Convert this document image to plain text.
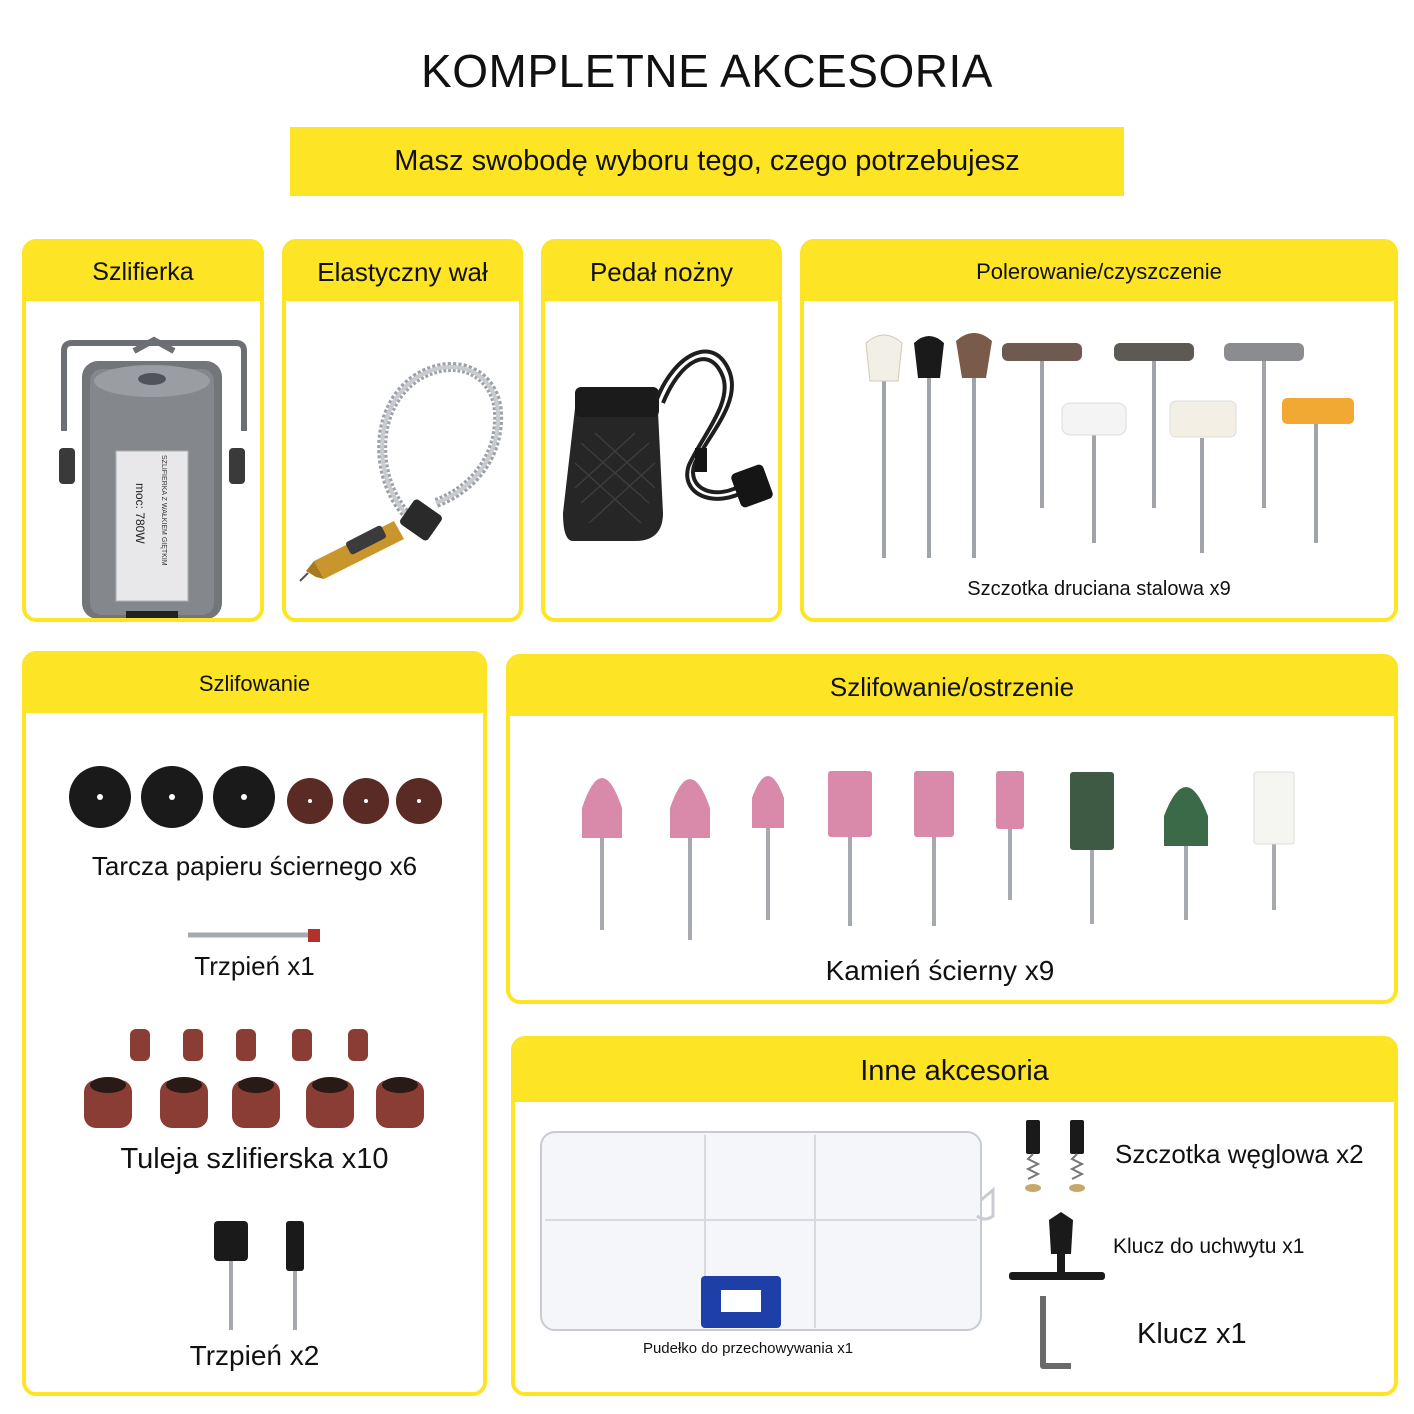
KOMPLETNE AKCESORIA
Masz swobodę wyboru tego, czego potrzebujesz
Szlifierka
SZLIFIERKA Z WAŁKIEM GIĘTKIM
moc: 780W
Elastyczny wał	Pedał nożny	Polerowanie/czyszczenie
Szczotka druciana stalowa x9
Szlifowanie
Tarcza papieru ściernego x6
Trzpień x1
Tuleja szlifierska x10
Trzpień x2
Szlifowanie/ostrzenie
Kamień ścierny x9
Inne akcesoria
Pudełko do przechowywania x1
Szczotka węglowa x2
Klucz do uchwytu x1
Klucz x1
